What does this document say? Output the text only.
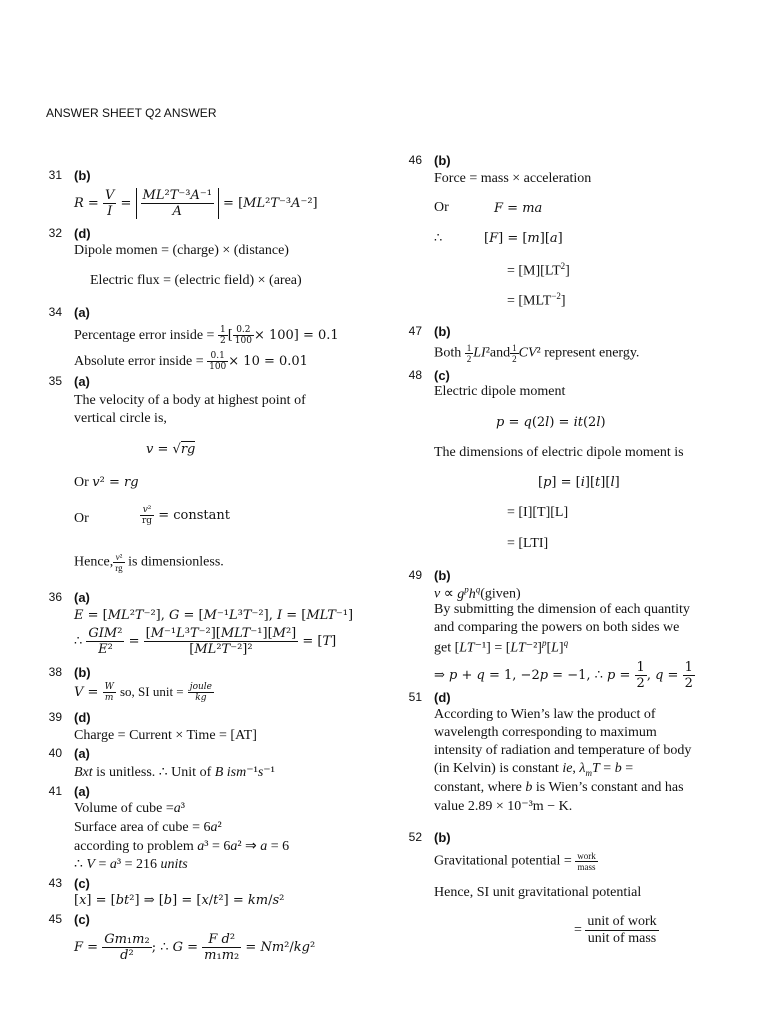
ANSWER SHEET Q2 ANSWER
31 (b)
$R = \frac{V}{I} = \frac{\text{ML²T⁻³A⁻¹}}{A} = [ML^2T^{-3}A^{-2}]$
32 (d)
Dipole momen = (charge) × (distance)
Electric flux = (electric field) × (area)
34 (a)
Percentage error inside = $\frac{1}{2}$ [ $\frac{0.2}{100} \times 100] = 0.1$
Absolute error inside = $\frac{0.1}{100} \times 10 = 0.01$
35 (a)
The velocity of a body at highest point of
vertical circle is,
v = √rg
Or v² = rg
Or	$\frac{\text{v²}}{rg}$ = constant
Hence, $\frac{\text{v²}}{rg}$ is dimensionless.
36 (a)
E = [ML²T⁻²], G = [M⁻¹L³T⁻²], I = [MLT⁻¹]
∴
GIM²
E²
=
[M⁻¹L³T⁻²][MLT⁻¹][M²]
[ML²T⁻²]²
= [T]
38 (b)
$V = \frac{W}{m}$ so, SI unit = joule
kg
39 (d)
Charge = Current × Time = [AT]
40 (a)
Bxt is unitless. ∴ Unit of B ism⁻¹s⁻¹
41 (a)
Volume of cube =a³
Surface area of cube = 6a²
according to problem a³ = 6a² ⇒ a = 6
∴ V = a³ = 216 units
43 (c)
[x] = [bt²] ⇒ [b] = [x/t²] = km/s²
45 (c)
$F = \frac{\text{Gm₁m₂}}{\text{d²}}$ ; ∴ $G = \frac{\text{F d²}}{\text{m₁m₂}} = Nm^2/kg^2$
46 (b)
Force = mass × acceleration
Or	F = ma
∴	[F] = [m][a]
= $[M][LT^2]$
= $[MLT^{-2}]$
47 (b)
Both $\frac{1}{2} LI^2and \frac{1}{2} CV^2$ represent energy.
48 (c)
Electric dipole moment
p = q(2l) = it(2l)
The dimensions of electric dipole moment is
[p] = [i][t][l]
= [I][T][L]
= [LTI]
49 (b)
$v \propto g^ph^q(given)$
By submitting the dimension of each quantity
and comparing the powers on both sides we
get $[LT^{-1}] = [LT^{-2}]^p[L]^q$
⇒ p + q = 1, −2p = −1, ∴ $p = \frac{1}{2}$ , $q = \frac{1}{2}$
51 (d)
According to Wien’s law the product of
wavelength corresponding to maximum
intensity of radiation and temperature of body
(in Kelvin) is constant ie, $\lambda_mT = b$ =
constant, where b is Wien’s constant and has
value 2.89 × 10⁻³m − K.
52 (b)
Gravitational potential = work
mass
Hence, SI unit gravitational potential
=
unit of work
unit of mass
